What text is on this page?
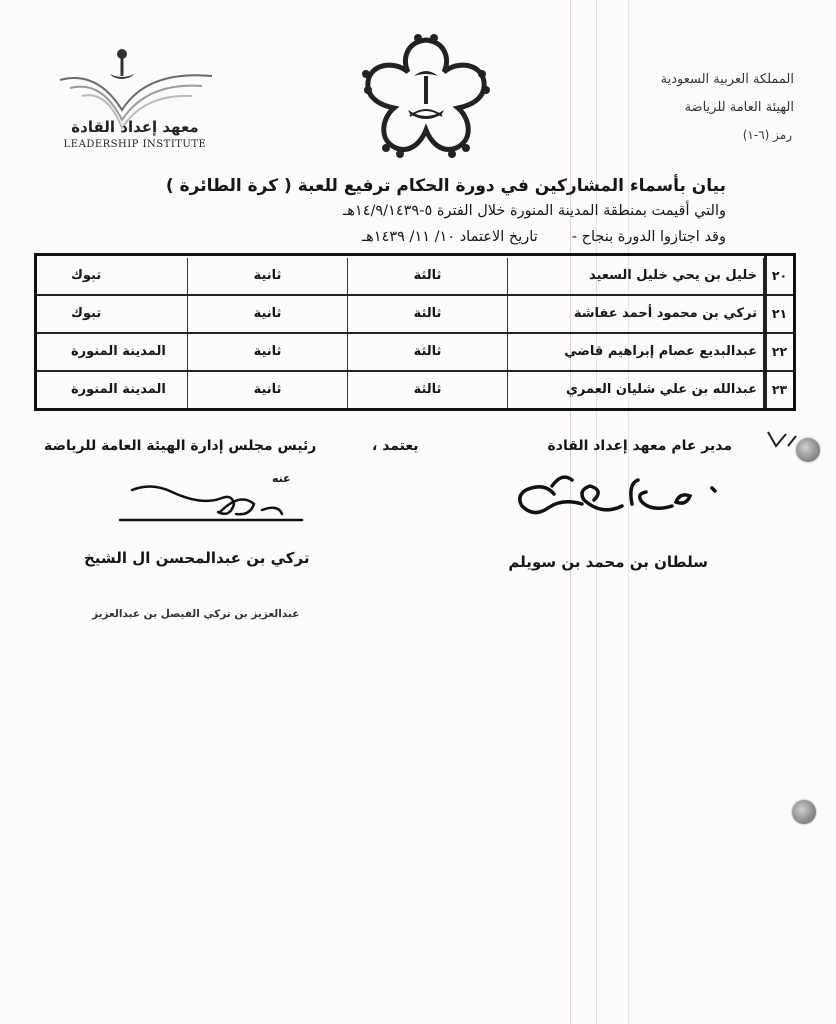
معهد إعداد القادة
LEADERSHIP INSTITUTE
المملكة العربية السعودية
الهيئة العامة للرياضة
رمز (٦-١)
بيان بأسماء المشاركين في دورة الحكام ترفيع للعبة ( كرة الطائرة )
والتي أقيمت بمنطقة المدينة المنورة خلال الفترة ٥-١٤/٩/١٤٣٩هـ
وقد اجتازوا الدورة بنجاح -تاريخ الاعتماد ١٠/ ١١/ ١٤٣٩هـ
٢٠
خليل بن يحي خليل السعيد
ثالثة
ثانية
تبوك
٢١
تركي بن محمود أحمد عفاشة
ثالثة
ثانية
تبوك
٢٢
عبدالبديع عصام إبراهيم قاضي
ثالثة
ثانية
المدينة المنورة
٢٣
عبدالله بن علي شليان العمري
ثالثة
ثانية
المدينة المنورة
مدير عام معهد إعداد القادة
يعتمد ،
رئيس مجلس إدارة الهيئة العامة للرياضة
عنه
سلطان بن محمد بن سويلم
تركي بن عبدالمحسن ال الشيخ
عبدالعزيز بن تركي الفيصل بن عبدالعزيز
